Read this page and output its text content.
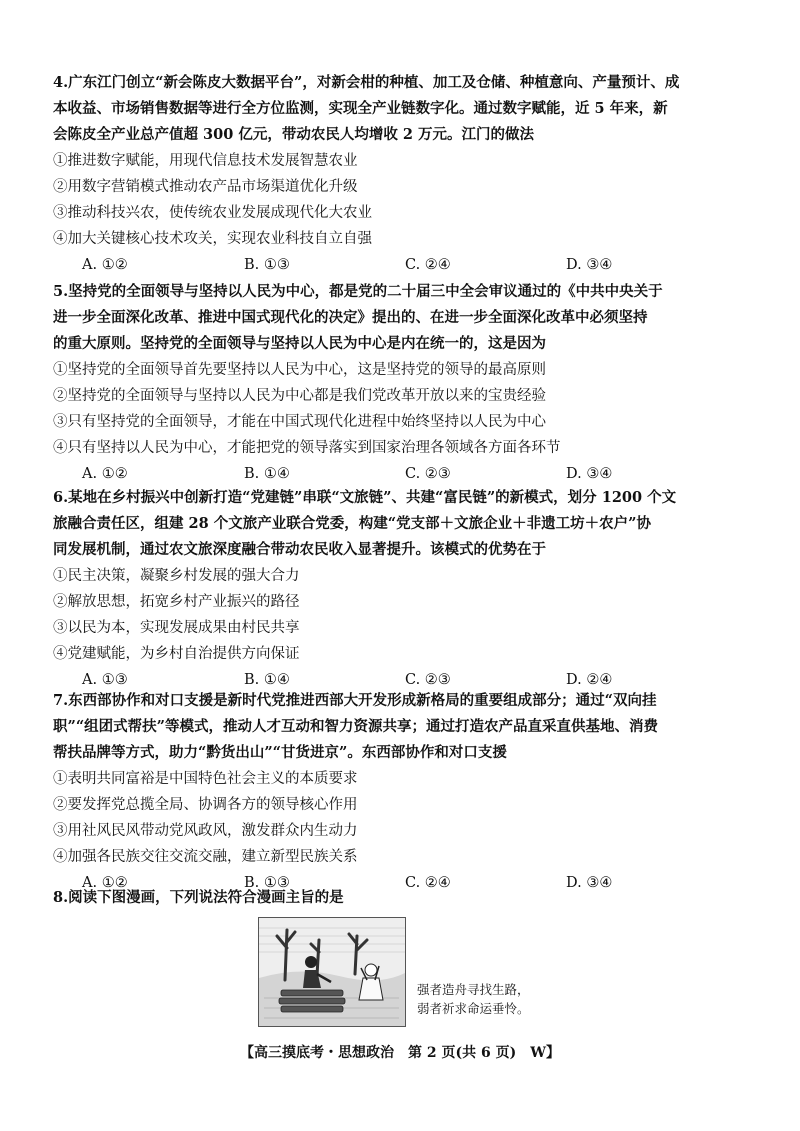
4.广东江门创立“新会陈皮大数据平台”，对新会柑的种植、加工及仓储、种植意向、产量预计、成
本收益、市场销售数据等进行全方位监测，实现全产业链数字化。通过数字赋能，近 5 年来，新
会陈皮全产业总产值超 300 亿元，带动农民人均增收 2 万元。江门的做法
①推进数字赋能，用现代信息技术发展智慧农业
②用数字营销模式推动农产品市场渠道优化升级
③推动科技兴农，使传统农业发展成现代化大农业
④加大关键核心技术攻关，实现农业科技自立自强
A. ①②	B. ①③	C. ②④	D. ③④
5.坚持党的全面领导与坚持以人民为中心，都是党的二十届三中全会审议通过的《中共中央关于
进一步全面深化改革、推进中国式现代化的决定》提出的、在进一步全面深化改革中必须坚持
的重大原则。坚持党的全面领导与坚持以人民为中心是内在统一的，这是因为
①坚持党的全面领导首先要坚持以人民为中心，这是坚持党的领导的最高原则
②坚持党的全面领导与坚持以人民为中心都是我们党改革开放以来的宝贵经验
③只有坚持党的全面领导，才能在中国式现代化进程中始终坚持以人民为中心
④只有坚持以人民为中心，才能把党的领导落实到国家治理各领域各方面各环节
A. ①②	B. ①④	C. ②③	D. ③④
6.某地在乡村振兴中创新打造“党建链”串联“文旅链”、共建“富民链”的新模式，划分 1200 个文
旅融合责任区，组建 28 个文旅产业联合党委，构建“党支部＋文旅企业＋非遗工坊＋农户”协
同发展机制，通过农文旅深度融合带动农民收入显著提升。该模式的优势在于
①民主决策，凝聚乡村发展的强大合力
②解放思想，拓宽乡村产业振兴的路径
③以民为本，实现发展成果由村民共享
④党建赋能，为乡村自治提供方向保证
A. ①③	B. ①④	C. ②③	D. ②④
7.东西部协作和对口支援是新时代党推进西部大开发形成新格局的重要组成部分；通过“双向挂
职”“组团式帮扶”等模式，推动人才互动和智力资源共享；通过打造农产品直采直供基地、消费
帮扶品牌等方式，助力“黔货出山”“甘货进京”。东西部协作和对口支援
①表明共同富裕是中国特色社会主义的本质要求
②要发挥党总揽全局、协调各方的领导核心作用
③用社风民风带动党风政风，激发群众内生动力
④加强各民族交往交流交融，建立新型民族关系
A. ①②	B. ①③	C. ②④	D. ③④
8.阅读下图漫画，下列说法符合漫画主旨的是
强者造舟寻找生路，
弱者祈求命运垂怜。
【高三摸底考・思想政治　第 2 页(共 6 页)　W】
